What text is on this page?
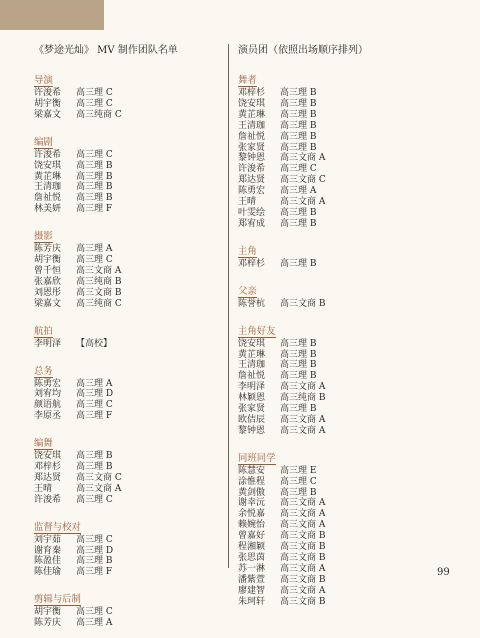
《梦途光灿》 MV 制作团队名单
导演

许浚希 高三理 C
胡宇衡 高三理 C
梁嘉文 高三纯商 C
编剧

许浚希 高三理 C
饶安琪 高三理 B
黄芷琳 高三理 B
王清珈 高三理 B
詹祉悦 高三理 B
林美妍 高三理 F
摄影

陈芳庆 高三理 A
胡宇衡 高三理 C
曾千恒 高三文商 A
张嘉欣 高三纯商 B
刘恩彤 高三文商 B
梁嘉文 高三纯商 C
航拍

李明泽 【高校】
总务

陈勇宏 高三理 A
刘宥均 高三理 D
颜语航 高三理 C
李原丞 高三理 F
编舞

饶安琪 高三理 B
邓梓杉 高三理 B
郑达贤 高三文商 C
王晴	高三文商 A
许浚希 高三理 C
监督与校对

刘宇茹 高三理 C
谢育秦 高三理 D
陈盈佳 高三理 B
陈佳瑜 高三理 F
剪辑与后制

胡宇衡 高三理 C
陈芳庆 高三理 A
演员团（依照出场顺序排列）
舞者

邓梓杉 高三理 B
饶安琪 高三理 B
黄芷琳 高三理 B
王清珈 高三理 B
詹祉悦 高三理 B
张家贤 高三理 B
黎钟恩 高三文商 A
许浚希 高三理 C
郑达贤 高三文商 C
陈勇宏 高三理 A
王晴	高三文商 A
叶雯绘 高三理 B
郑宥成 高三理 B
主角

邓梓杉 高三理 B
父亲

陈誉杭 高三文商 B
主角好友

饶安琪 高三理 B
黄芷琳 高三理 B
王清珈 高三理 B
詹祉悦 高三理 B
李明泽 高三文商 A
林颖恩 高三纯商 B
张家贤 高三理 B
欧佶辰 高三文商 A
黎钟恩 高三文商 A
同班同学

陈慧安 高三理 E
涂惟程 高三理 C
黄剑傲 高三理 B
谢幸沅 高三文商 A
余悦嘉 高三文商 A
赖婉怡 高三文商 A
曾嘉好 高三文商 B
程湘颖 高三文商 B
张思茵 高三文商 B
苏一淋 高三文商 A
潘紫萱 高三文商 B
廖建智 高三文商 A
朱珂轩 高三文商 B
99
